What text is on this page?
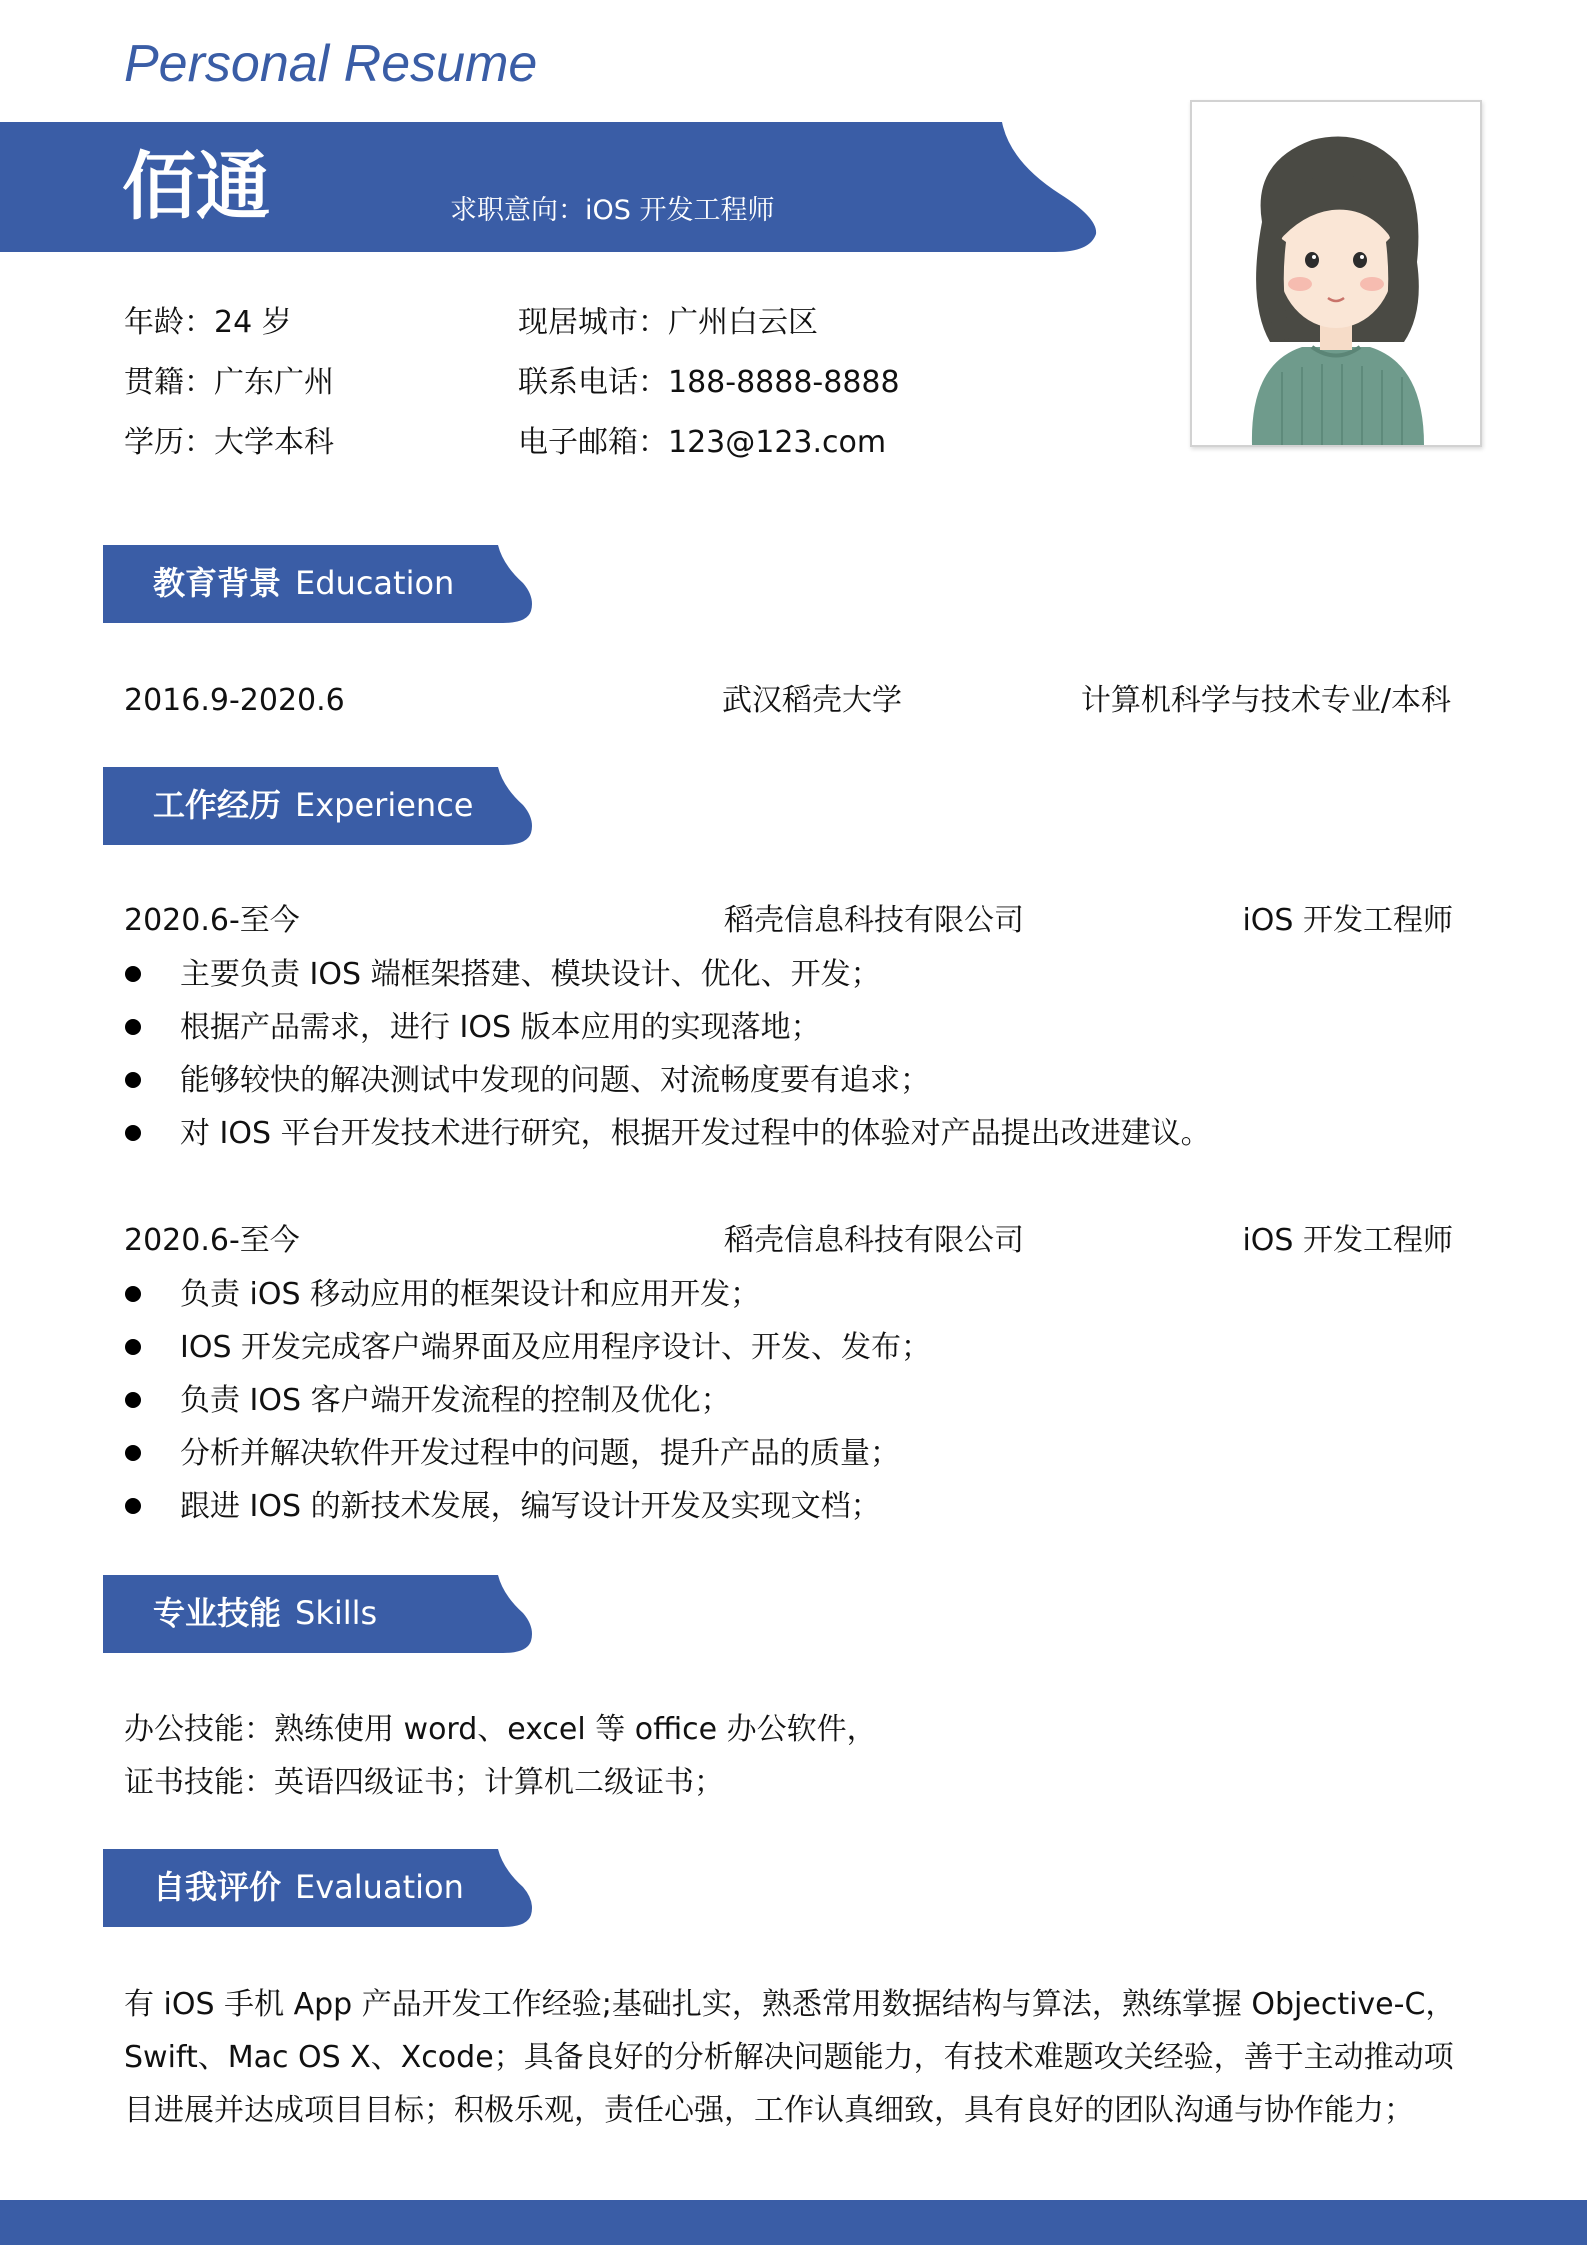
Personal Resume
佰通	求职意向：iOS 开发工程师
年龄：24 岁	现居城市：广州白云区
贯籍：广东广州	联系电话：188-8888-8888
学历：大学本科	电子邮箱：123@123.com
教育背景 Education
2016.9-2020.6	武汉稻壳大学	计算机科学与技术专业/本科
工作经历 Experience
2020.6-至今	稻壳信息科技有限公司	iOS 开发工程师
主要负责 IOS 端框架搭建、模块设计、优化、开发；
根据产品需求，进行 IOS 版本应用的实现落地；
能够较快的解决测试中发现的问题、对流畅度要有追求；
对 IOS 平台开发技术进行研究，根据开发过程中的体验对产品提出改进建议。
2020.6-至今	稻壳信息科技有限公司	iOS 开发工程师
负责 iOS 移动应用的框架设计和应用开发；
IOS 开发完成客户端界面及应用程序设计、开发、发布；
负责 IOS 客户端开发流程的控制及优化；
分析并解决软件开发过程中的问题，提升产品的质量；
跟进 IOS 的新技术发展，编写设计开发及实现文档；
专业技能 Skills
办公技能：熟练使用 word、excel 等 office 办公软件，
证书技能：英语四级证书；计算机二级证书；
自我评价 Evaluation
有 iOS 手机 App 产品开发工作经验;基础扎实，熟悉常用数据结构与算法，熟练掌握 Objective-C，Swift、Mac OS X、Xcode；具备良好的分析解决问题能力，有技术难题攻关经验，善于主动推动项目进展并达成项目目标；积极乐观，责任心强，工作认真细致，具有良好的团队沟通与协作能力；
